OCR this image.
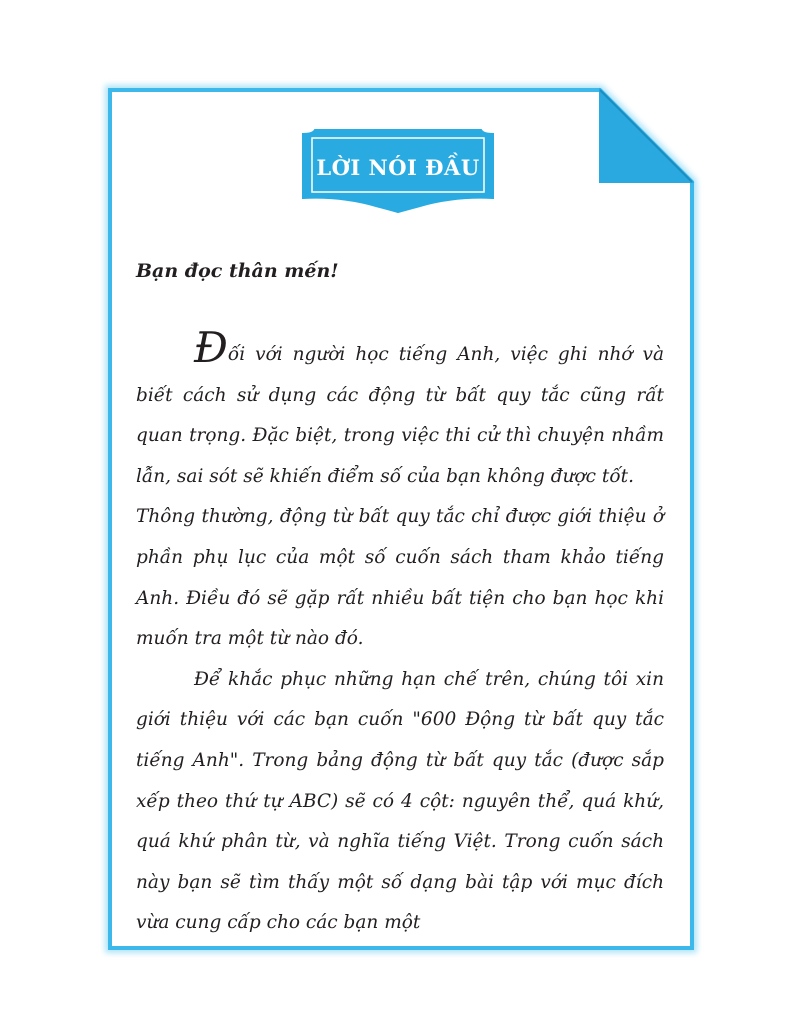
LỜI NÓI ĐẦU
Bạn đọc thân mến!

Đối với người học tiếng Anh, việc ghi nhớ và biết cách sử dụng các động từ bất quy tắc cũng rất quan trọng. Đặc biệt, trong việc thi cử thì chuyện nhầm lẫn, sai sót sẽ khiến điểm số của bạn không được tốt.

Thông thường, động từ bất quy tắc chỉ được giới thiệu ở phần phụ lục của một số cuốn sách tham khảo tiếng Anh. Điều đó sẽ gặp rất nhiều bất tiện cho bạn học khi muốn tra một từ nào đó.

Để khắc phục những hạn chế trên, chúng tôi xin giới thiệu với các bạn cuốn "600 Động từ bất quy tắc tiếng Anh". Trong bảng động từ bất quy tắc (được sắp xếp theo thứ tự ABC) sẽ có 4 cột: nguyên thể, quá khứ, quá khứ phân từ, và nghĩa tiếng Việt. Trong cuốn sách này bạn sẽ tìm thấy một số dạng bài tập với mục đích vừa cung cấp cho các bạn một
